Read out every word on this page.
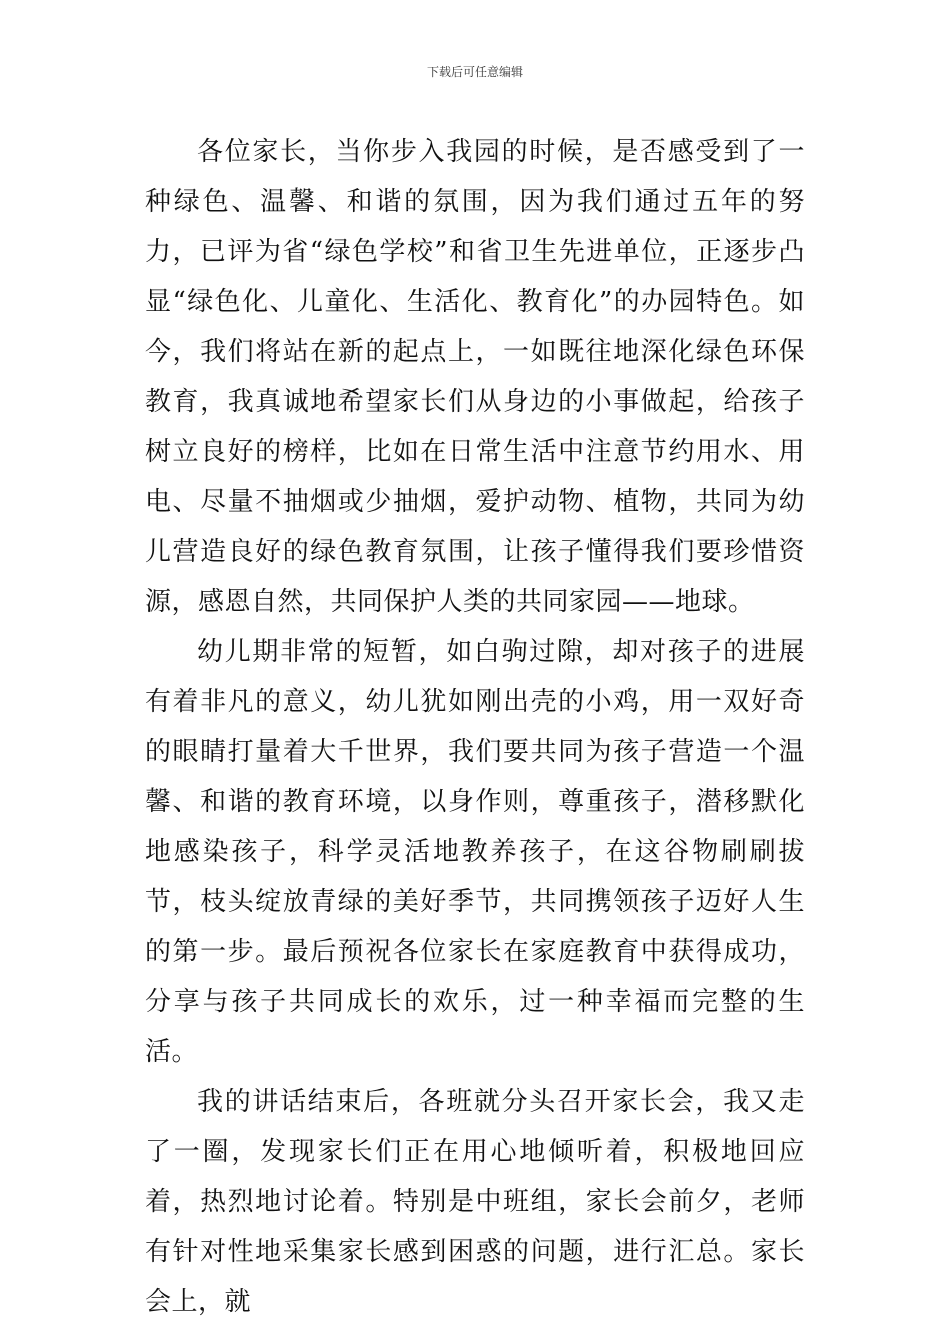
下载后可任意编辑

各位家长，当你步入我园的时候，是否感受到了一种绿色、温馨、和谐的氛围，因为我们通过五年的努力，已评为省“绿色学校”和省卫生先进单位，正逐步凸显“绿色化、儿童化、生活化、教育化”的办园特色。如今，我们将站在新的起点上，一如既往地深化绿色环保教育，我真诚地希望家长们从身边的小事做起，给孩子树立良好的榜样，比如在日常生活中注意节约用水、用电、尽量不抽烟或少抽烟，爱护动物、植物，共同为幼儿营造良好的绿色教育氛围，让孩子懂得我们要珍惜资源，感恩自然，共同保护人类的共同家园——地球。

幼儿期非常的短暂，如白驹过隙，却对孩子的进展有着非凡的意义，幼儿犹如刚出壳的小鸡，用一双好奇的眼睛打量着大千世界，我们要共同为孩子营造一个温馨、和谐的教育环境，以身作则，尊重孩子，潜移默化地感染孩子，科学灵活地教养孩子，在这谷物刷刷拔节，枝头绽放青绿的美好季节，共同携领孩子迈好人生的第一步。最后预祝各位家长在家庭教育中获得成功，分享与孩子共同成长的欢乐，过一种幸福而完整的生活。

我的讲话结束后，各班就分头召开家长会，我又走了一圈，发现家长们正在用心地倾听着，积极地回应着，热烈地讨论着。特别是中班组，家长会前夕，老师有针对性地采集家长感到困惑的问题，进行汇总。家长会上，就
